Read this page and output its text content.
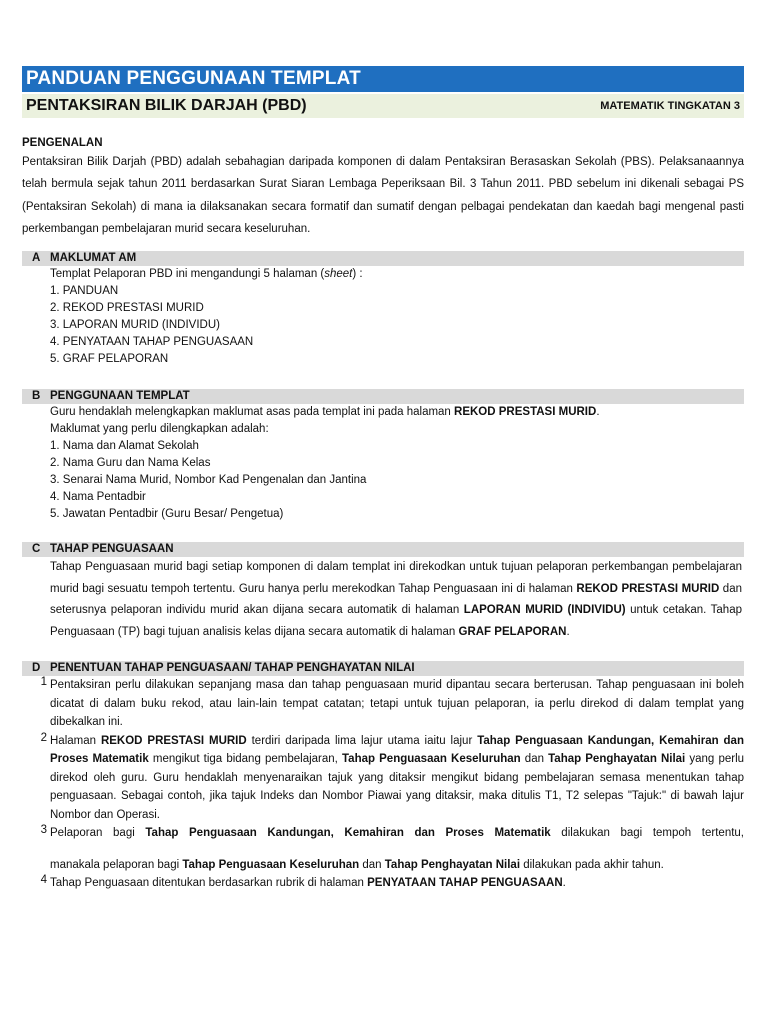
PANDUAN PENGGUNAAN TEMPLAT
PENTAKSIRAN BILIK DARJAH (PBD)	MATEMATIK TINGKATAN 3
PENGENALAN

Pentaksiran Bilik Darjah (PBD) adalah sebahagian daripada komponen di dalam Pentaksiran Berasaskan Sekolah (PBS). Pelaksanaannya telah bermula sejak tahun 2011 berdasarkan Surat Siaran Lembaga Peperiksaan Bil. 3 Tahun 2011. PBD sebelum ini dikenali sebagai PS (Pentaksiran Sekolah) di mana ia dilaksanakan secara formatif dan sumatif dengan pelbagai pendekatan dan kaedah bagi mengenal pasti perkembangan pembelajaran murid secara keseluruhan.

A MAKLUMAT AM
Templat Pelaporan PBD ini mengandungi 5 halaman (sheet) :
1. PANDUAN
2. REKOD PRESTASI MURID
3. LAPORAN MURID (INDIVIDU)
4. PENYATAAN TAHAP PENGUASAAN
5. GRAF PELAPORAN
B PENGGUNAAN TEMPLAT
Guru hendaklah melengkapkan maklumat asas pada templat ini pada halaman REKOD PRESTASI MURID.
Maklumat yang perlu dilengkapkan adalah:
1. Nama dan Alamat Sekolah
2. Nama Guru dan Nama Kelas
3. Senarai Nama Murid, Nombor Kad Pengenalan dan Jantina
4. Nama Pentadbir
5. Jawatan Pentadbir (Guru Besar/ Pengetua)
C TAHAP PENGUASAAN

Tahap Penguasaan murid bagi setiap komponen di dalam templat ini direkodkan untuk tujuan pelaporan perkembangan pembelajaran murid bagi sesuatu tempoh tertentu. Guru hanya perlu merekodkan Tahap Penguasaan ini di halaman REKOD PRESTASI MURID dan seterusnya pelaporan individu murid akan dijana secara automatik di halaman LAPORAN MURID (INDIVIDU) untuk cetakan. Tahap Penguasaan (TP) bagi tujuan analisis kelas dijana secara automatik di halaman GRAF PELAPORAN.

D PENENTUAN TAHAP PENGUASAAN/ TAHAP PENGHAYATAN NILAI
1 Pentaksiran perlu dilakukan sepanjang masa dan tahap penguasaan murid dipantau secara berterusan. Tahap penguasaan ini boleh dicatat di dalam buku rekod, atau lain-lain tempat catatan; tetapi untuk tujuan pelaporan, ia perlu direkod di dalam templat yang dibekalkan ini.
2 Halaman REKOD PRESTASI MURID terdiri daripada lima lajur utama iaitu lajur Tahap Penguasaan Kandungan, Kemahiran dan Proses Matematik mengikut tiga bidang pembelajaran, Tahap Penguasaan Keseluruhan dan Tahap Penghayatan Nilai yang perlu direkod oleh guru. Guru hendaklah menyenaraikan tajuk yang ditaksir mengikut bidang pembelajaran semasa menentukan tahap penguasaan. Sebagai contoh, jika tajuk Indeks dan Nombor Piawai yang ditaksir, maka ditulis T1, T2 selepas "Tajuk:" di bawah lajur Nombor dan Operasi.
3 Pelaporan bagi Tahap Penguasaan Kandungan, Kemahiran dan Proses Matematik dilakukan bagi tempoh tertentu,
manakala pelaporan bagi Tahap Penguasaan Keseluruhan dan Tahap Penghayatan Nilai dilakukan pada akhir tahun.
4 Tahap Penguasaan ditentukan berdasarkan rubrik di halaman PENYATAAN TAHAP PENGUASAAN.
